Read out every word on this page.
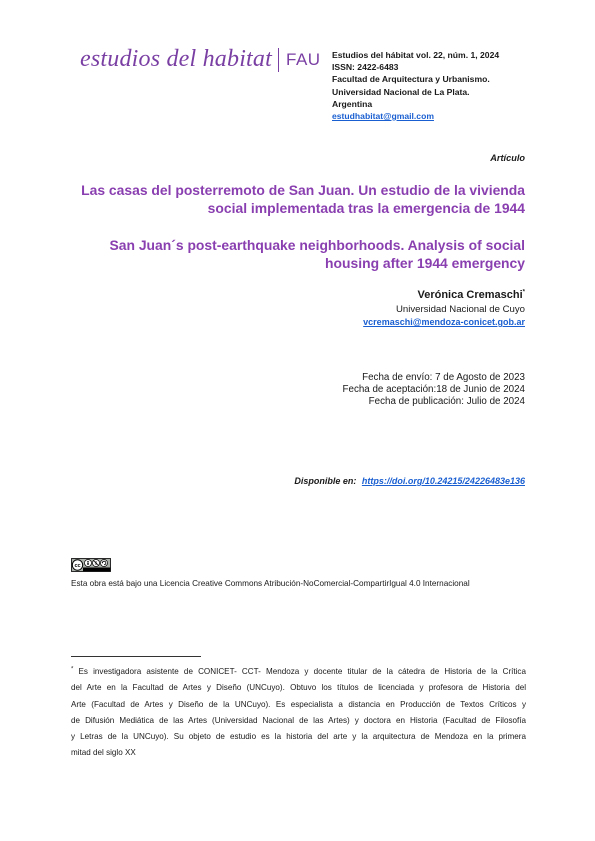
estudios del habitat FAU Estudios del hábitat vol. 22, núm. 1, 2024
ISSN: 2422-6483
Facultad de Arquitectura y Urbanismo.
Universidad Nacional de La Plata.
Argentina
estudhabitat@gmail.com
Artículo
Las casas del posterremoto de San Juan. Un estudio de la vivienda
social implementada tras la emergencia de 1944
San Juan´s post-earthquake neighborhoods. Analysis of social
housing after 1944 emergency
Verónica Cremaschi*
Universidad Nacional de Cuyo
vcremaschi@mendoza-conicet.gob.ar
Fecha de envío: 7 de Agosto de 2023
Fecha de aceptación:18 de Junio de 2024
Fecha de publicación: Julio de 2024
Disponible en: https://doi.org/10.24215/24226483e136
cc
Esta obra está bajo una Licencia Creative Commons Atribución-NoComercial-CompartirIgual 4.0 Internacional
* Es investigadora asistente de CONICET- CCT- Mendoza y docente titular de la cátedra de Historia de la Crítica
del Arte en la Facultad de Artes y Diseño (UNCuyo). Obtuvo los títulos de licenciada y profesora de Historia del
Arte (Facultad de Artes y Diseño de la UNCuyo). Es especialista a distancia en Producción de Textos Críticos y
de Difusión Mediática de las Artes (Universidad Nacional de las Artes) y doctora en Historia (Facultad de Filosofía
y Letras de la UNCuyo). Su objeto de estudio es la historia del arte y la arquitectura de Mendoza en la primera
mitad del siglo XX
